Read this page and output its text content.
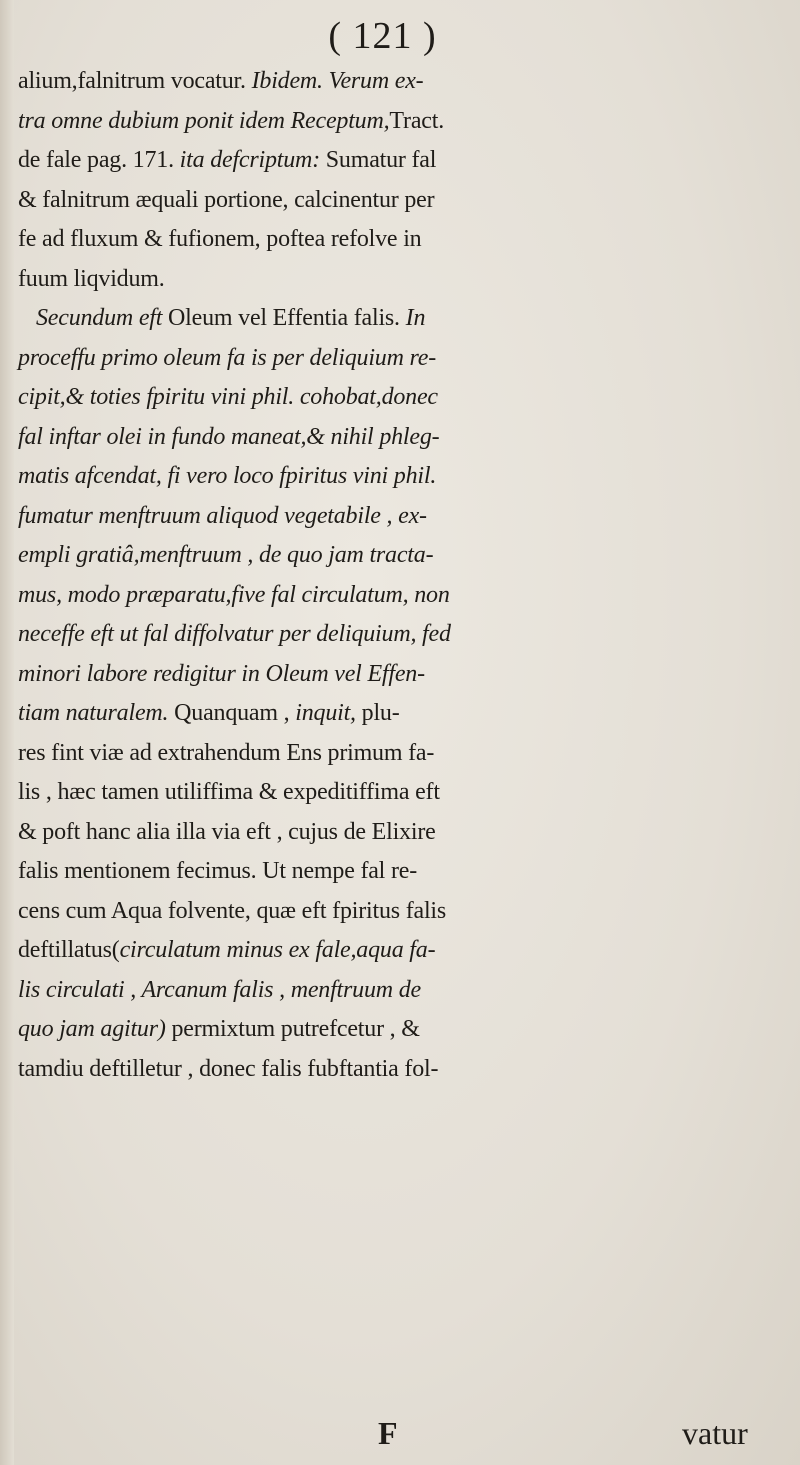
( 121 )
alium,falnitrum vocatur. Ibidem. Verum ex-
tra omne dubium ponit idem Receptum,Tract.
de fale pag. 171. ita defcriptum: Sumatur fal
& falnitrum æquali portione, calcinentur per
fe ad fluxum & fufionem, poftea refolve in
fuum liqvidum.
Secundum eft Oleum vel Effentia falis. In
proceffu primo oleum fa is per deliquium re-
cipit,& toties fpiritu vini phil. cohobat,donec
fal inftar olei in fundo maneat,& nihil phleg-
matis afcendat, fi vero loco fpiritus vini phil.
fumatur menftruum aliquod vegetabile , ex-
empli gratiâ,menftruum , de quo jam tracta-
mus, modo præparatu,five fal circulatum, non
neceffe eft ut fal diffolvatur per deliquium, fed
minori labore redigitur in Oleum vel Effen-
tiam naturalem. Quanquam , inquit, plu-
res fint viæ ad extrahendum Ens primum fa-
lis , hæc tamen utiliffima & expeditiffima eft
& poft hanc alia illa via eft , cujus de Elixire
falis mentionem fecimus. Ut nempe fal re-
cens cum Aqua folvente, quæ eft fpiritus falis
deftillatus(circulatum minus ex fale,aqua fa-
lis circulati , Arcanum falis , menftruum de
quo jam agitur) permixtum putrefcetur , &
tamdiu deftilletur , donec falis fubftantia fol-
F	vatur
